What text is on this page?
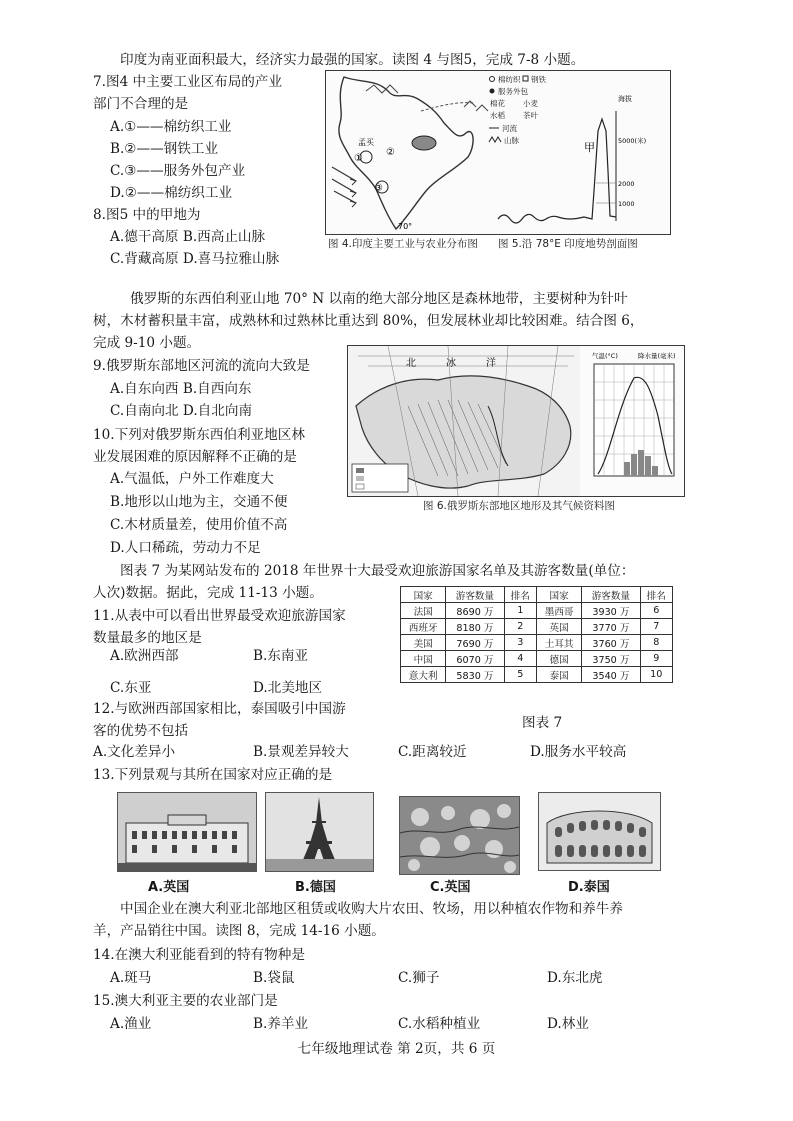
印度为南亚面积最大，经济实力最强的国家。读图 4 与图5，完成 7-8 小题。
7.图4 中主要工业区布局的产业
部门不合理的是
A.①——棉纺织工业
B.②——钢铁工业
C.③——服务外包产业
D.②——棉纺织工业
8.图5 中的甲地为
A.德干高原 B.西高止山脉
C.背藏高原 D.喜马拉雅山脉
①
②
③
孟买
70°
棉纺织 钢铁
服务外包
棉花 小麦
水稻 茶叶
河流
山脉
甲
海拔
5000(米)
2000
1000
图 4.印度主要工业与农业分布图 图 5.沿 78°E 印度地势剖面图
俄罗斯的东西伯利亚山地 70° N 以南的绝大部分地区是森林地带，主要树种为针叶
树，木材蓄积量丰富，成熟林和过熟林比重达到 80%，但发展林业却比较困难。结合图 6，
完成 9-10 小题。
9.俄罗斯东部地区河流的流向大致是
A.自东向西 B.自西向东
C.自南向北 D.自北向南
10.下列对俄罗斯东西伯利亚地区林
业发展困难的原因解释不正确的是
A.气温低，户外工作难度大
B.地形以山地为主，交通不便
C.木材质量差，使用价值不高
D.人口稀疏，劳动力不足
北	冰	洋
气温(°C)	降水量(毫米)
图 6.俄罗斯东部地区地形及其气候资料图
图表 7 为某网站发布的 2018 年世界十大最受欢迎旅游国家名单及其游客数量(单位：
人次)数据。据此，完成 11-13 小题。
11.从表中可以看出世界最受欢迎旅游国家
数量最多的地区是
A.欧洲西部	B.东南亚
C.东亚	D.北美地区
国家	游客数量	排名	国家	游客数量	排名
法国	8690 万	1	墨西哥	3930 万	6
西班牙	8180 万	2	英国	3770 万	7
美国	7690 万	3	土耳其	3760 万	8
中国	6070 万	4	德国	3750 万	9
意大利	5830 万	5	泰国	3540 万	10
图表 7
12.与欧洲西部国家相比，泰国吸引中国游
客的优势不包括
A.文化差异小	B.景观差异较大	C.距离较近	D.服务水平较高
13.下列景观与其所在国家对应正确的是
A.英国	B.德国	C.英国	D.泰国
中国企业在澳大利亚北部地区租赁或收购大片农田、牧场，用以种植农作物和养牛养
羊，产品销往中国。读图 8，完成 14-16 小题。
14.在澳大利亚能看到的特有物种是
A.斑马	B.袋鼠	C.狮子	D.东北虎
15.澳大利亚主要的农业部门是
A.渔业	B.养羊业	C.水稻种植业	D.林业
七年级地理试卷 第 2页，共 6 页
